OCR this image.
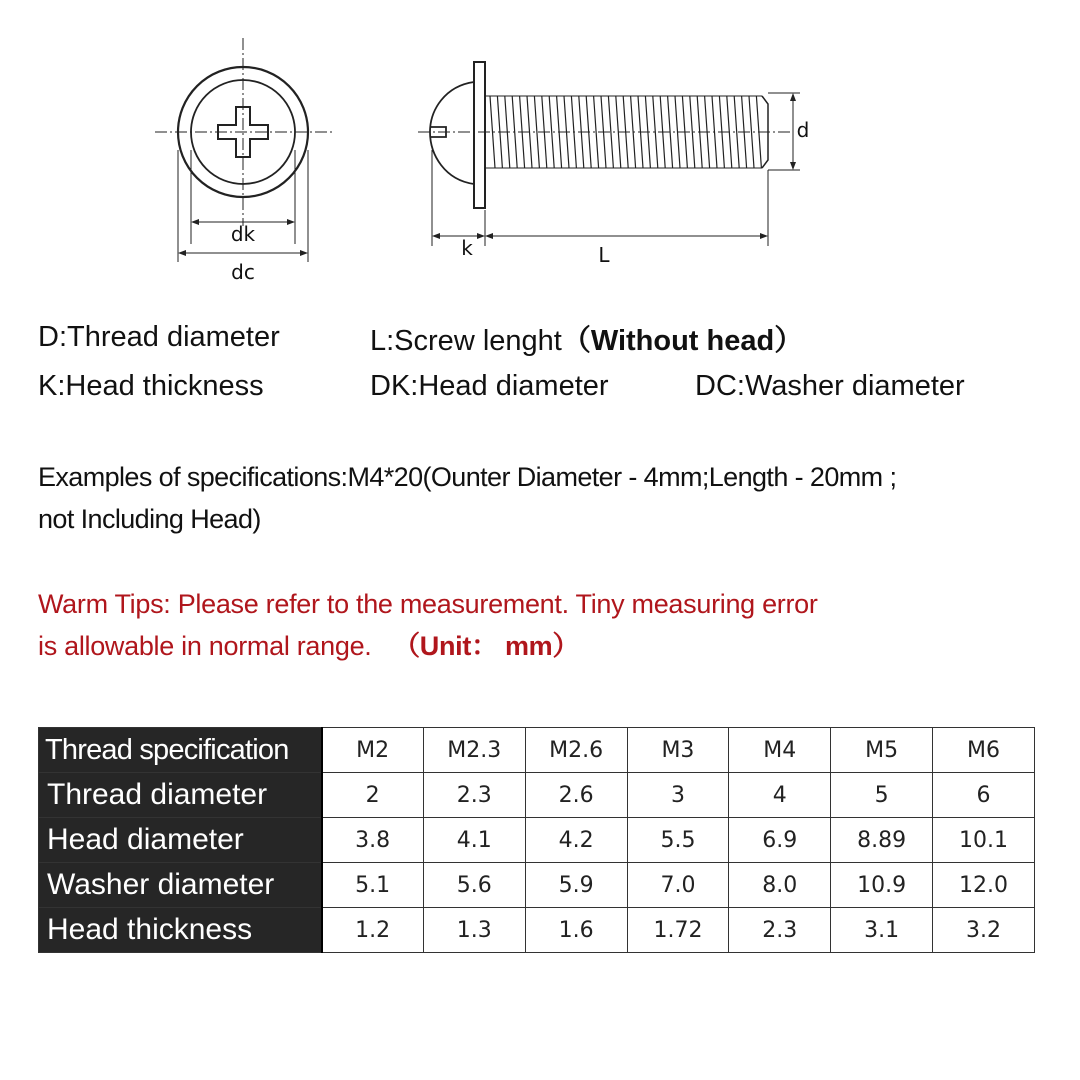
dk
dc
k	L
d
D:Thread diameter	L:Screw lenght（Without head）
K:Head thickness	DK:Head diameter	DC:Washer diameter
Examples of specifications:M4*20(Ounter Diameter - 4mm;Length - 20mm ;
not Including Head)
Warm Tips: Please refer to the measurement. Tiny measuring error
is allowable in normal range. （Unit： mm）
Thread specification	M2	M2.3	M2.6	M3	M4	M5	M6
Thread diameter	2	2.3	2.6	3	4	5	6
Head diameter	3.8	4.1	4.2	5.5	6.9	8.89	10.1
Washer diameter	5.1	5.6	5.9	7.0	8.0	10.9	12.0
Head thickness	1.2	1.3	1.6	1.72	2.3	3.1	3.2
